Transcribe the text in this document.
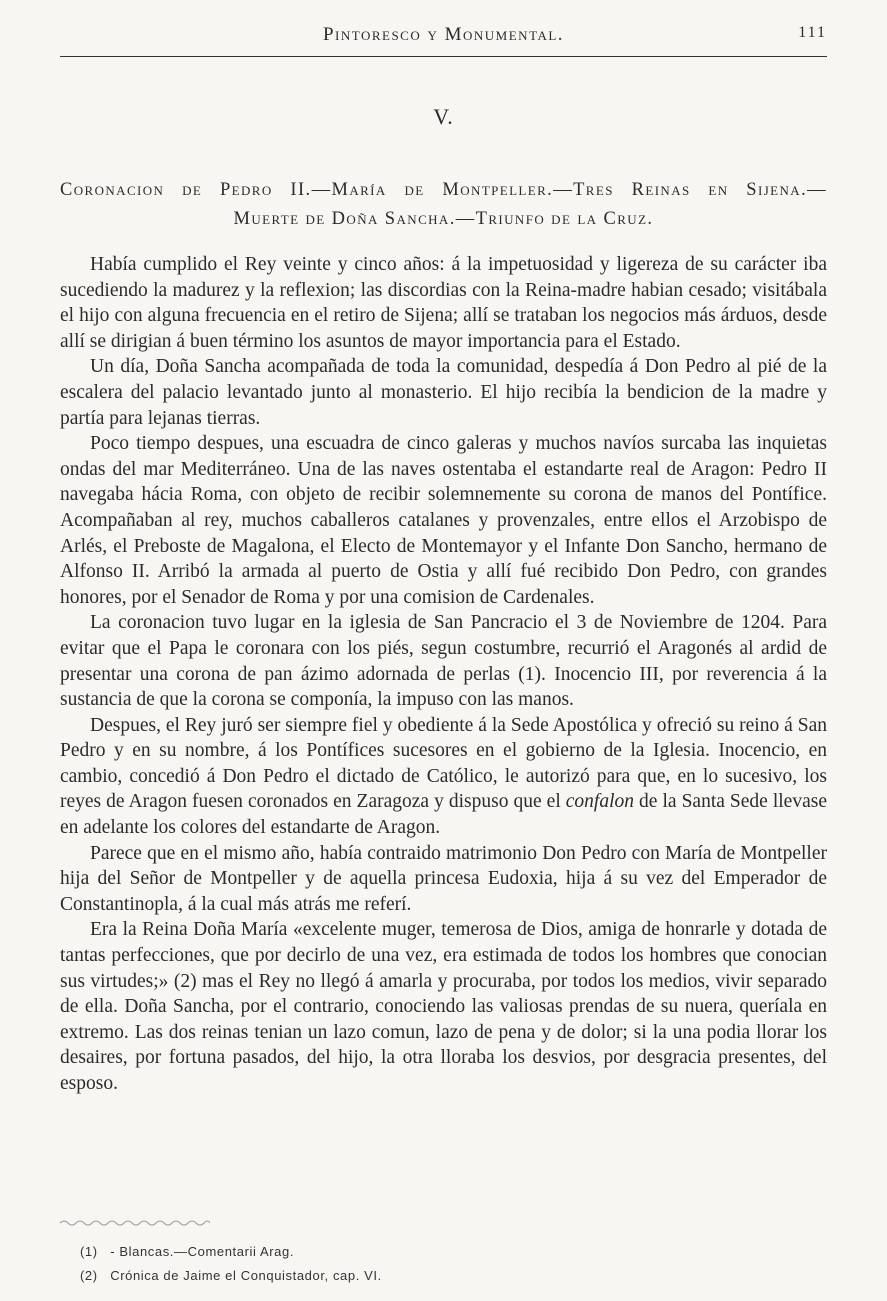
Pintoresco y Monumental.	111
V.
Coronacion de Pedro II.—María de Montpeller.—Tres Reinas en Sijena.—
Muerte de Doña Sancha.—Triunfo de la Cruz.

Había cumplido el Rey veinte y cinco años: á la impetuosidad y ligereza de su carácter iba sucediendo la madurez y la reflexion; las discordias con la Reina-madre habian cesado; visitábala el hijo con alguna frecuencia en el retiro de Sijena; allí se trataban los negocios más árduos, desde allí se dirigian á buen término los asuntos de mayor importancia para el Estado.

Un día, Doña Sancha acompañada de toda la comunidad, despedía á Don Pedro al pié de la escalera del palacio levantado junto al monasterio. El hijo recibía la bendicion de la madre y partía para lejanas tierras.

Poco tiempo despues, una escuadra de cinco galeras y muchos navíos surcaba las inquietas ondas del mar Mediterráneo. Una de las naves ostentaba el estandarte real de Aragon: Pedro II navegaba hácia Roma, con objeto de recibir solemnemente su corona de manos del Pontífice. Acompañaban al rey, muchos caballeros catalanes y provenzales, entre ellos el Arzobispo de Arlés, el Preboste de Magalona, el Electo de Montemayor y el Infante Don Sancho, hermano de Alfonso II. Arribó la armada al puerto de Ostia y allí fué recibido Don Pedro, con grandes honores, por el Senador de Roma y por una comision de Cardenales.

La coronacion tuvo lugar en la iglesia de San Pancracio el 3 de Noviembre de 1204. Para evitar que el Papa le coronara con los piés, segun costumbre, recurrió el Aragonés al ardid de presentar una corona de pan ázimo adornada de perlas (1). Inocencio III, por reverencia á la sustancia de que la corona se componía, la impuso con las manos.

Despues, el Rey juró ser siempre fiel y obediente á la Sede Apostólica y ofreció su reino á San Pedro y en su nombre, á los Pontífices sucesores en el gobierno de la Iglesia. Inocencio, en cambio, concedió á Don Pedro el dictado de Católico, le autorizó para que, en lo sucesivo, los reyes de Aragon fuesen coronados en Zaragoza y dispuso que el confalon de la Santa Sede llevase en adelante los colores del estandarte de Aragon.

Parece que en el mismo año, había contraido matrimonio Don Pedro con María de Montpeller hija del Señor de Montpeller y de aquella princesa Eudoxia, hija á su vez del Emperador de Constantinopla, á la cual más atrás me referí.

Era la Reina Doña María «excelente muger, temerosa de Dios, amiga de honrarle y dotada de tantas perfecciones, que por decirlo de una vez, era estimada de todos los hombres que conocian sus virtudes;» (2) mas el Rey no llegó á amarla y procuraba, por todos los medios, vivir separado de ella. Doña Sancha, por el contrario, conociendo las valiosas prendas de su nuera, queríala en extremo. Las dos reinas tenian un lazo comun, lazo de pena y de dolor; si la una podia llorar los desaires, por fortuna pasados, del hijo, la otra lloraba los desvios, por desgracia presentes, del esposo.

(1) - Blancas.—Comentarii Arag.
(2) Crónica de Jaime el Conquistador, cap. VI.
